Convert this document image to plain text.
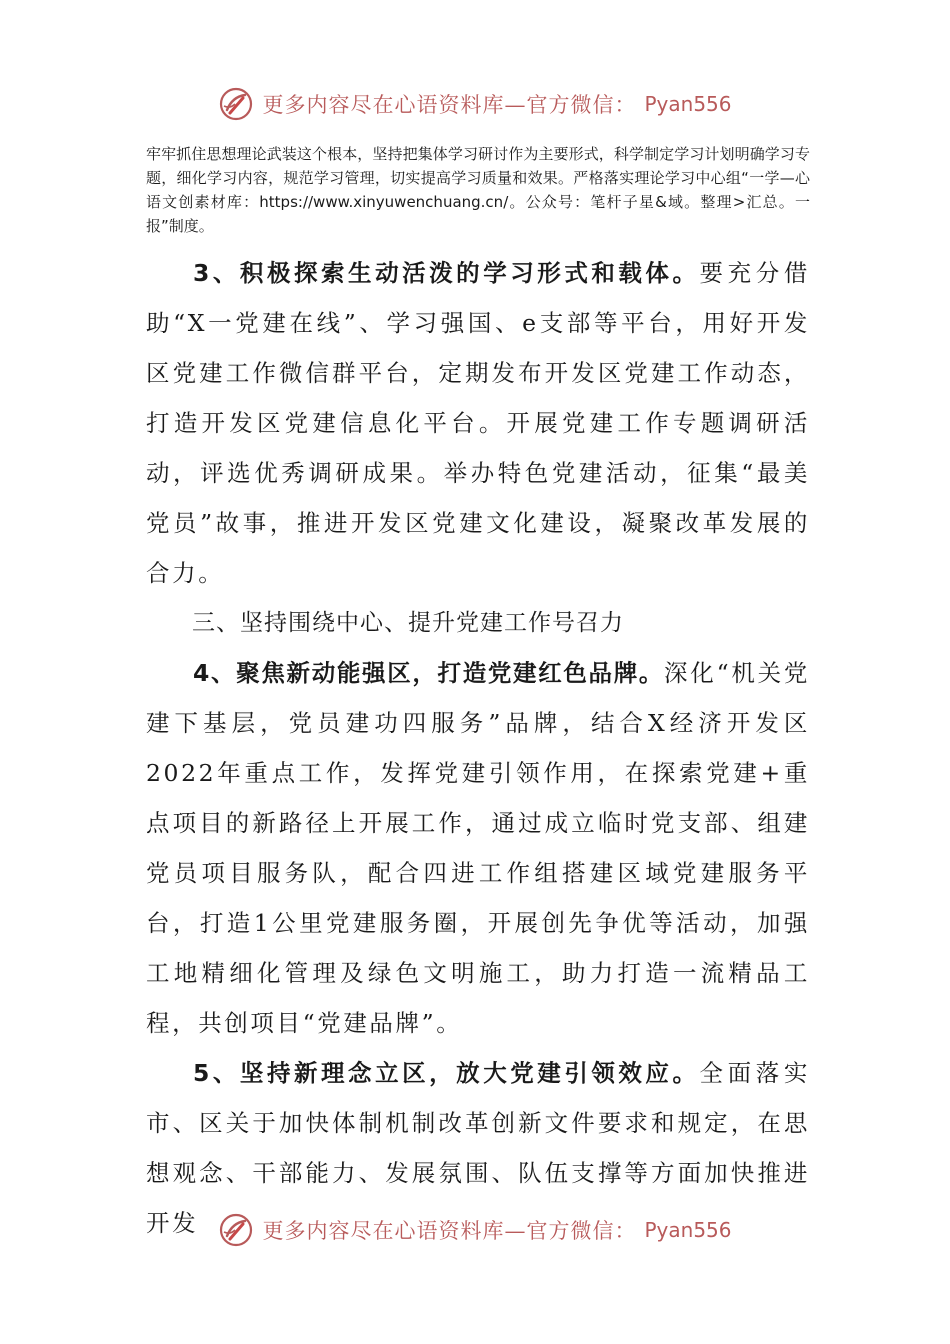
更多内容尽在心语资料库—官方微信： Pyan556

牢牢抓住思想理论武装这个根本，坚持把集体学习研讨作为主要形式，科学制定学习计划明确学习专题，细化学习内容，规范学习管理，切实提高学习质量和效果。严格落实理论学习中心组“一学—心语文创素材库：https://www.xinyuwenchuang.cn/。公众号：笔杆子星&域。整理>汇总。一报”制度。

3、积极探索生动活泼的学习形式和载体。要充分借助“X一党建在线”、学习强国、e支部等平台，用好开发区党建工作微信群平台，定期发布开发区党建工作动态，打造开发区党建信息化平台。开展党建工作专题调研活动，评选优秀调研成果。举办特色党建活动，征集“最美党员”故事，推进开发区党建文化建设，凝聚改革发展的合力。

三、坚持围绕中心、提升党建工作号召力

4、聚焦新动能强区，打造党建红色品牌。深化“机关党建下基层，党员建功四服务”品牌，结合X经济开发区2022年重点工作，发挥党建引领作用，在探索党建+重点项目的新路径上开展工作，通过成立临时党支部、组建党员项目服务队，配合四进工作组搭建区域党建服务平台，打造1公里党建服务圈，开展创先争优等活动，加强工地精细化管理及绿色文明施工，助力打造一流精品工程，共创项目“党建品牌”。

5、坚持新理念立区，放大党建引领效应。全面落实市、区关于加快体制机制改革创新文件要求和规定，在思想观念、干部能力、发展氛围、队伍支撑等方面加快推进开发	更多内容尽在心语资料库—官方微信： Pyan556
